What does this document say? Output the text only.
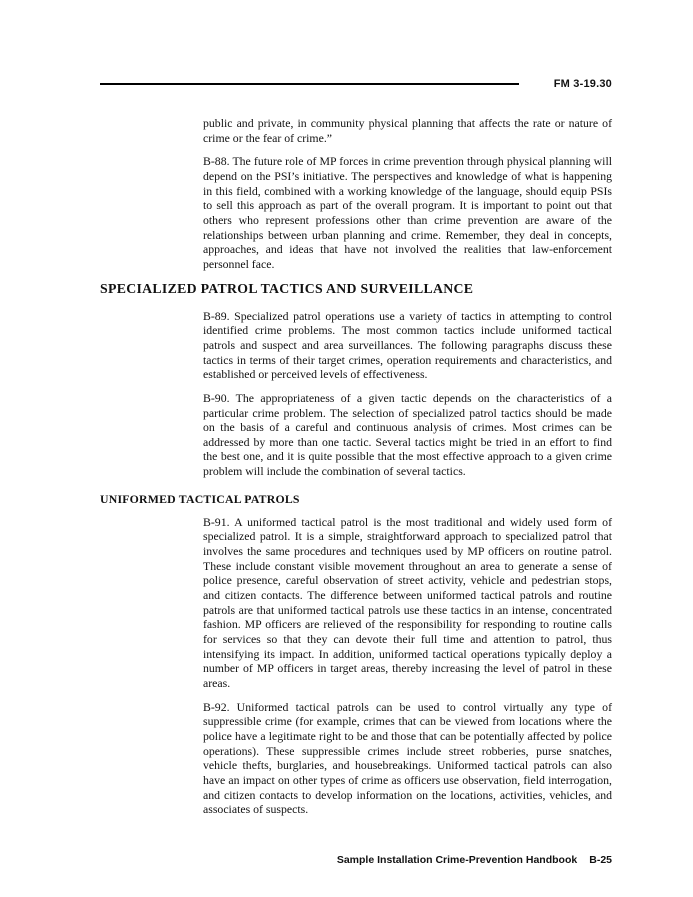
FM 3-19.30

public and private, in community physical planning that affects the rate or nature of crime or the fear of crime.”

B-88. The future role of MP forces in crime prevention through physical planning will depend on the PSI’s initiative. The perspectives and knowledge of what is happening in this field, combined with a working knowledge of the language, should equip PSIs to sell this approach as part of the overall program. It is important to point out that others who represent professions other than crime prevention are aware of the relationships between urban planning and crime. Remember, they deal in concepts, approaches, and ideas that have not involved the realities that law-enforcement personnel face.

SPECIALIZED PATROL TACTICS AND SURVEILLANCE

B-89. Specialized patrol operations use a variety of tactics in attempting to control identified crime problems. The most common tactics include uniformed tactical patrols and suspect and area surveillances. The following paragraphs discuss these tactics in terms of their target crimes, operation requirements and characteristics, and established or perceived levels of effectiveness.

B-90. The appropriateness of a given tactic depends on the characteristics of a particular crime problem. The selection of specialized patrol tactics should be made on the basis of a careful and continuous analysis of crimes. Most crimes can be addressed by more than one tactic. Several tactics might be tried in an effort to find the best one, and it is quite possible that the most effective approach to a given crime problem will include the combination of several tactics.

UNIFORMED TACTICAL PATROLS

B-91. A uniformed tactical patrol is the most traditional and widely used form of specialized patrol. It is a simple, straightforward approach to specialized patrol that involves the same procedures and techniques used by MP officers on routine patrol. These include constant visible movement throughout an area to generate a sense of police presence, careful observation of street activity, vehicle and pedestrian stops, and citizen contacts. The difference between uniformed tactical patrols and routine patrols are that uniformed tactical patrols use these tactics in an intense, concentrated fashion. MP officers are relieved of the responsibility for responding to routine calls for services so that they can devote their full time and attention to patrol, thus intensifying its impact. In addition, uniformed tactical operations typically deploy a number of MP officers in target areas, thereby increasing the level of patrol in these areas.

B-92. Uniformed tactical patrols can be used to control virtually any type of suppressible crime (for example, crimes that can be viewed from locations where the police have a legitimate right to be and those that can be potentially affected by police operations). These suppressible crimes include street robberies, purse snatches, vehicle thefts, burglaries, and housebreakings. Uniformed tactical patrols can also have an impact on other types of crime as officers use observation, field interrogation, and citizen contacts to develop information on the locations, activities, vehicles, and associates of suspects.

Sample Installation Crime-Prevention Handbook B-25
